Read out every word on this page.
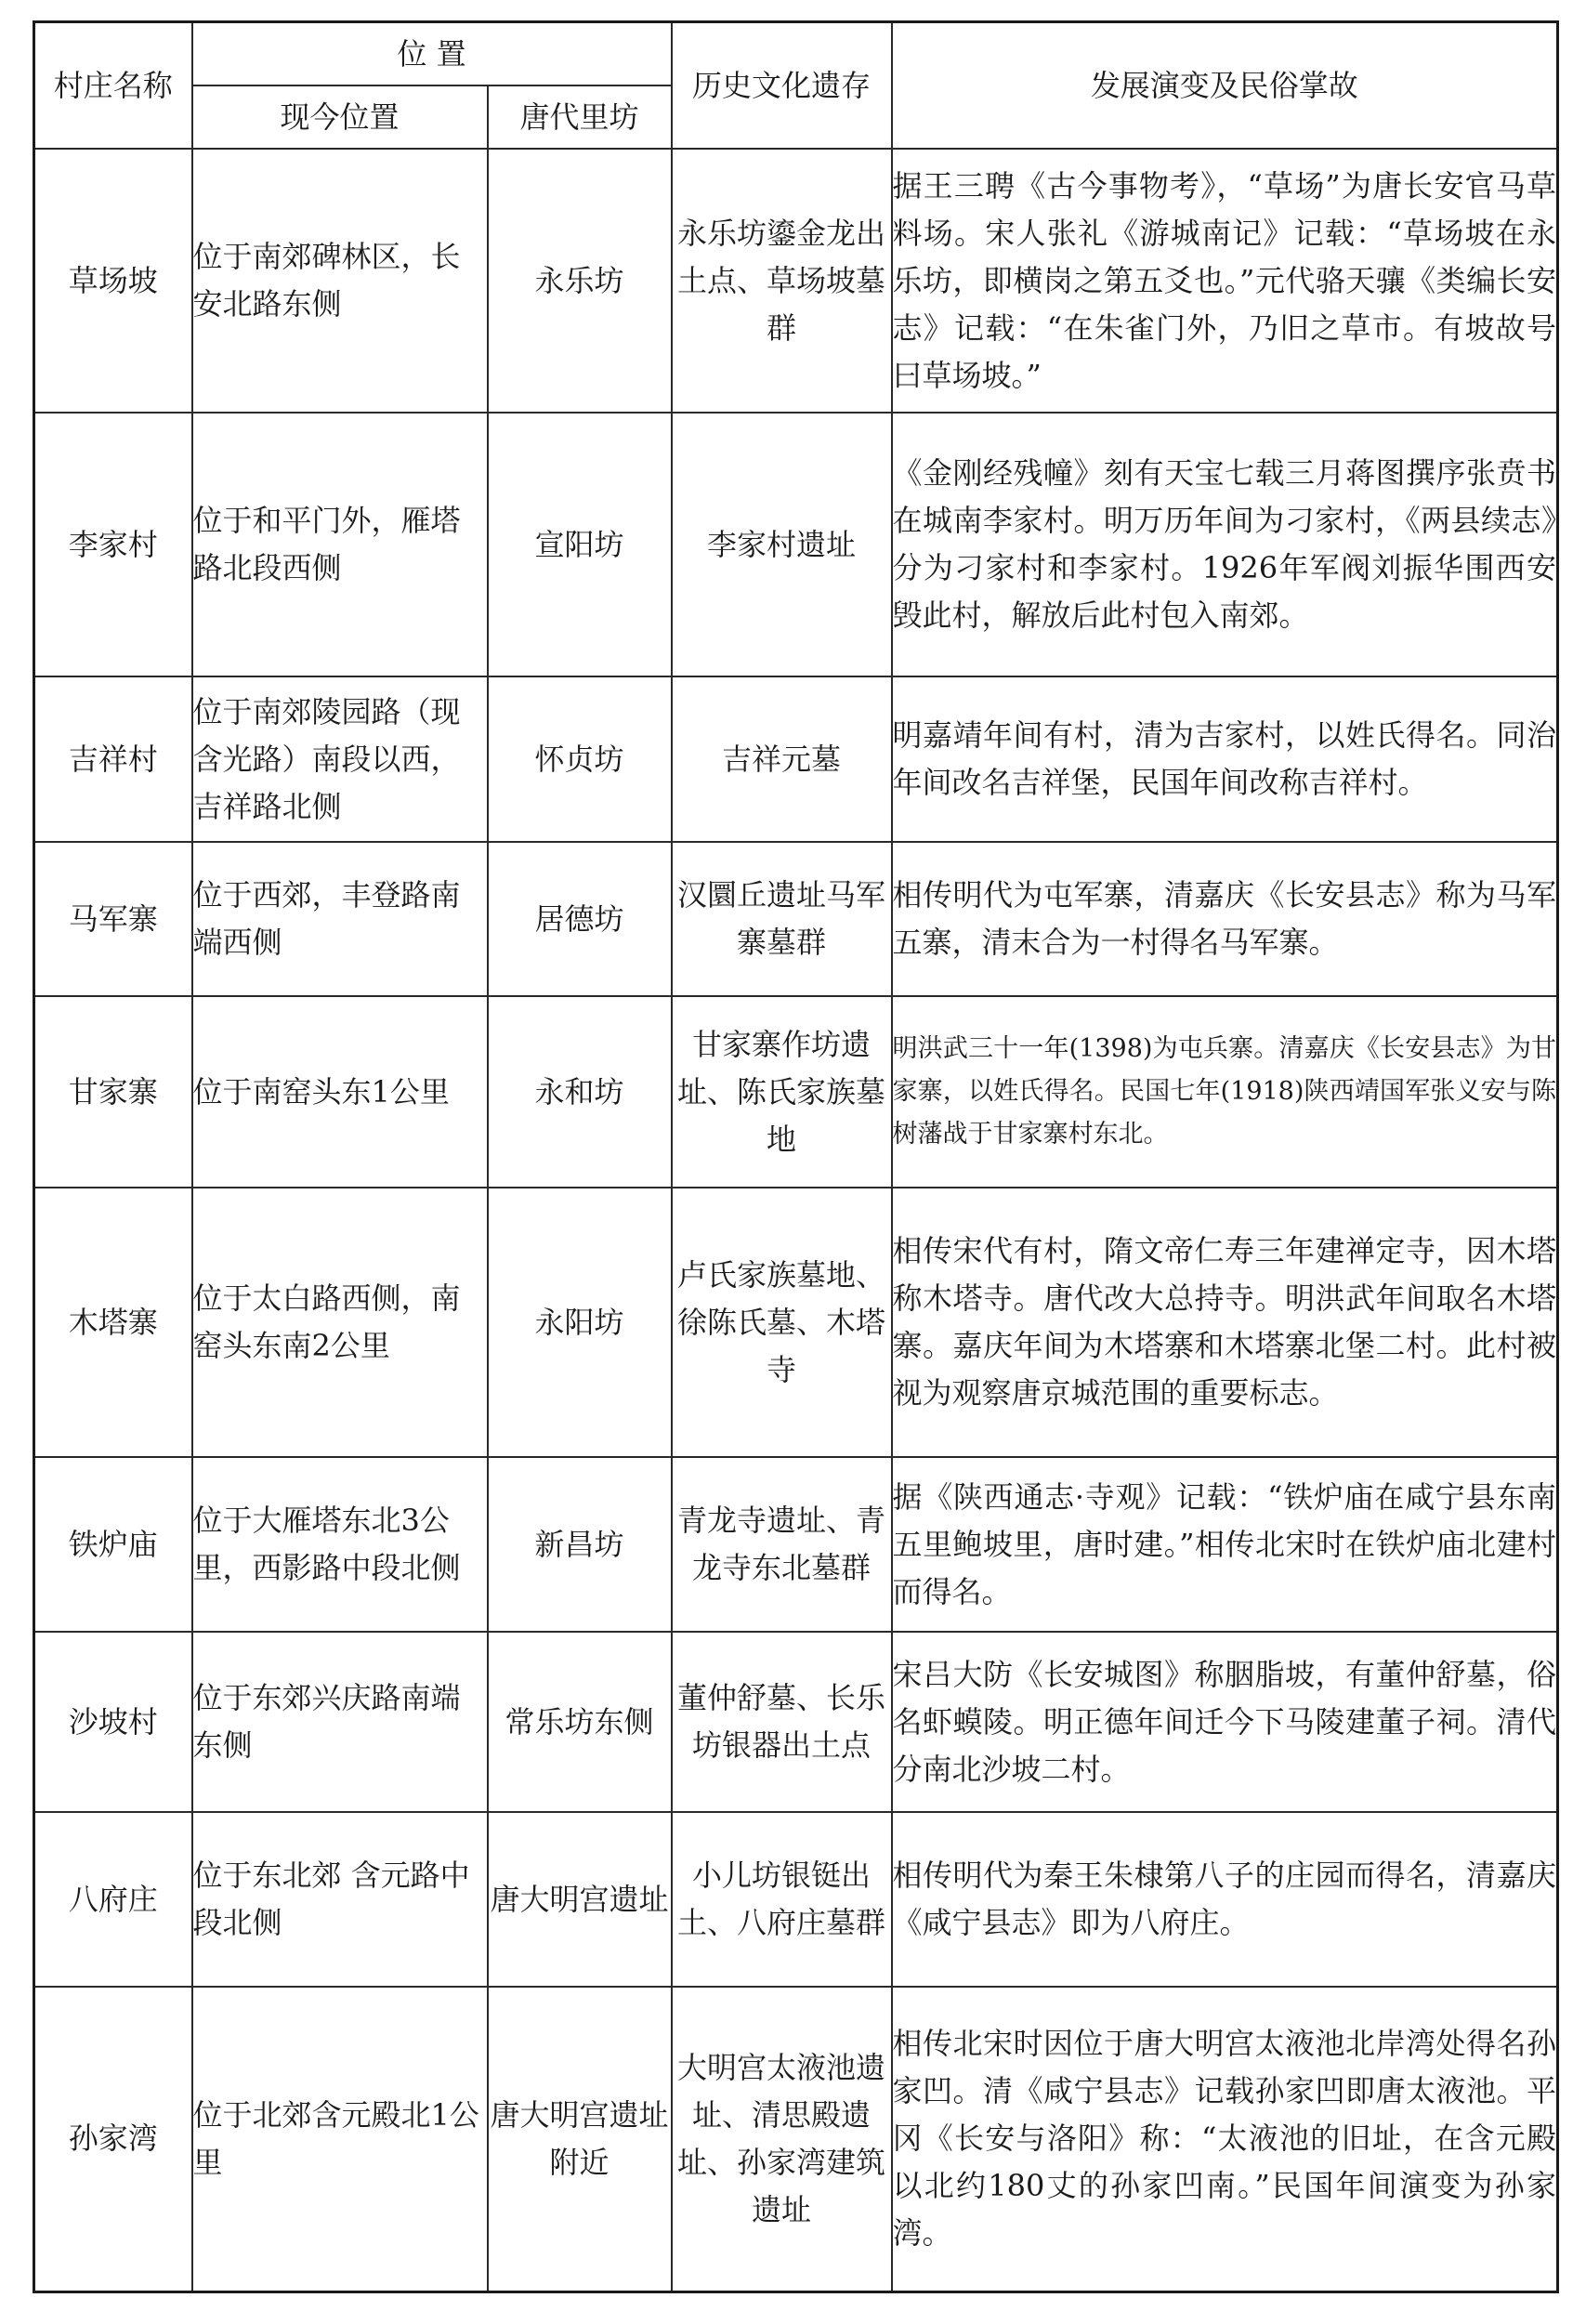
村庄名称	位 置		历史文化遗存	发展演变及民俗掌故
	现今位置	唐代里坊		
草场坡	位于南郊碑林区，长安北路东侧	永乐坊	永乐坊鎏金龙出土点、草场坡墓群	据王三聘《古今事物考》，“草场”为唐长安官马草料场。宋人张礼《游城南记》记载：“草场坡在永乐坊，即横岗之第五爻也。”元代骆天骧《类编长安志》记载：“在朱雀门外，乃旧之草市。有坡故号曰草场坡。”
李家村	位于和平门外，雁塔路北段西侧	宣阳坊	李家村遗址	《金刚经残幢》刻有天宝七载三月蒋图撰序张贲书在城南李家村。明万历年间为刁家村，《两县续志》分为刁家村和李家村。1926年军阀刘振华围西安毁此村，解放后此村包入南郊。
吉祥村	位于南郊陵园路（现含光路）南段以西，吉祥路北侧	怀贞坊	吉祥元墓	明嘉靖年间有村，清为吉家村，以姓氏得名。同治年间改名吉祥堡，民国年间改称吉祥村。
马军寨	位于西郊，丰登路南端西侧	居德坊	汉圜丘遗址马军寨墓群	相传明代为屯军寨，清嘉庆《长安县志》称为马军五寨，清末合为一村得名马军寨。
甘家寨	位于南窑头东1公里	永和坊	甘家寨作坊遗址、陈氏家族墓地	明洪武三十一年(1398)为屯兵寨。清嘉庆《长安县志》为甘家寨，以姓氏得名。民国七年(1918)陕西靖国军张义安与陈树藩战于甘家寨村东北。
木塔寨	位于太白路西侧，南窑头东南2公里	永阳坊	卢氏家族墓地、徐陈氏墓、木塔寺	相传宋代有村，隋文帝仁寿三年建禅定寺，因木塔称木塔寺。唐代改大总持寺。明洪武年间取名木塔寨。嘉庆年间为木塔寨和木塔寨北堡二村。此村被视为观察唐京城范围的重要标志。
铁炉庙	位于大雁塔东北3公里，西影路中段北侧	新昌坊	青龙寺遗址、青龙寺东北墓群	据《陕西通志·寺观》记载：“铁炉庙在咸宁县东南五里鲍坡里，唐时建。”相传北宋时在铁炉庙北建村而得名。
沙坡村	位于东郊兴庆路南端东侧	常乐坊东侧	董仲舒墓、长乐坊银器出土点	宋吕大防《长安城图》称胭脂坡，有董仲舒墓，俗名虾蟆陵。明正德年间迁今下马陵建董子祠。清代分南北沙坡二村。
八府庄	位于东北郊 含元路中段北侧	唐大明宫遗址	小儿坊银铤出土、八府庄墓群	相传明代为秦王朱棣第八子的庄园而得名，清嘉庆《咸宁县志》即为八府庄。
孙家湾	位于北郊含元殿北1公里	唐大明宫遗址附近	大明宫太液池遗址、清思殿遗址、孙家湾建筑遗址	相传北宋时因位于唐大明宫太液池北岸湾处得名孙家凹。清《咸宁县志》记载孙家凹即唐太液池。平冈《长安与洛阳》称：“太液池的旧址，在含元殿以北约180丈的孙家凹南。”民国年间演变为孙家湾。
